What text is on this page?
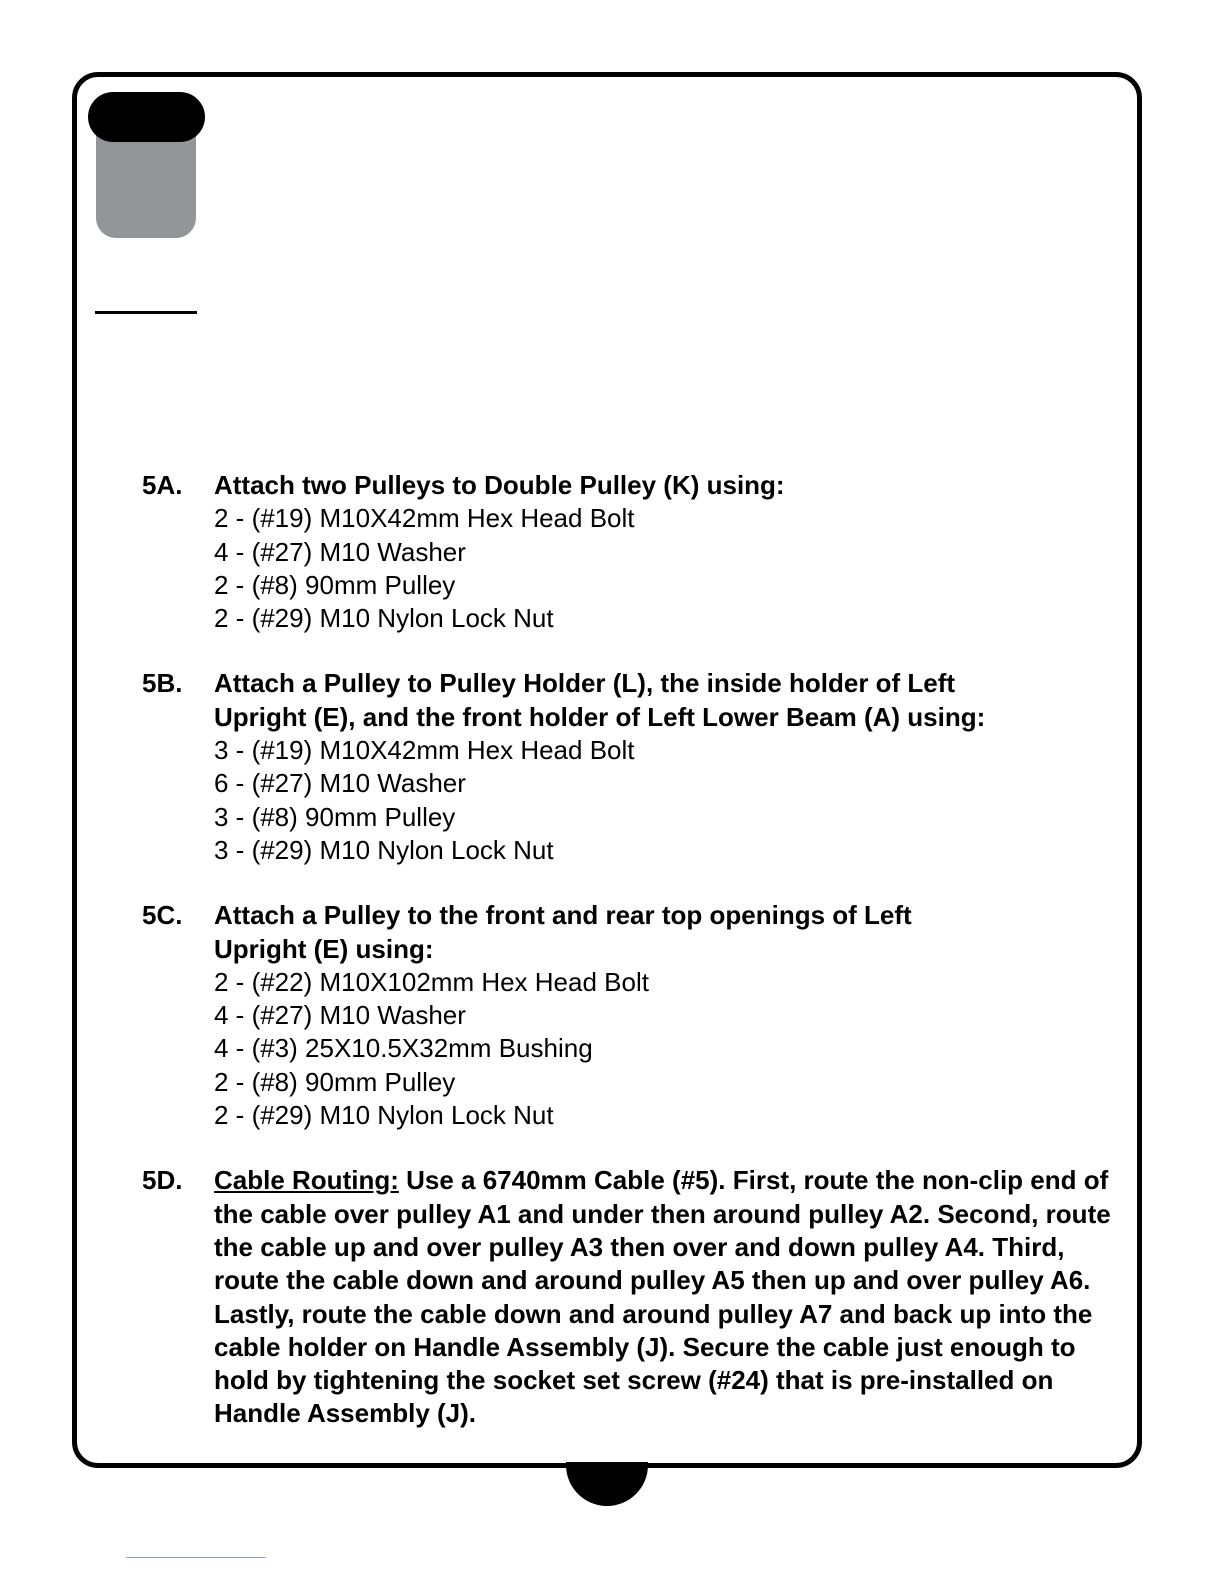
5A. Attach two Pulleys to Double Pulley (K) using:
2 - (#19) M10X42mm Hex Head Bolt
4 - (#27) M10 Washer
2 - (#8) 90mm Pulley
2 - (#29) M10 Nylon Lock Nut
5B. Attach a Pulley to Pulley Holder (L), the inside holder of Left Upright (E), and the front holder of Left Lower Beam (A) using:
3 - (#19) M10X42mm Hex Head Bolt
6 - (#27) M10 Washer
3 - (#8) 90mm Pulley
3 - (#29) M10 Nylon Lock Nut
5C. Attach a Pulley to the front and rear top openings of Left Upright (E) using:
2 - (#22) M10X102mm Hex Head Bolt
4 - (#27) M10 Washer
4 - (#3) 25X10.5X32mm Bushing
2 - (#8) 90mm Pulley
2 - (#29) M10 Nylon Lock Nut
5D. Cable Routing: Use a 6740mm Cable (#5). First, route the non-clip end of the cable over pulley A1 and under then around pulley A2. Second, route the cable up and over pulley A3 then over and down pulley A4. Third, route the cable down and around pulley A5 then up and over pulley A6. Lastly, route the cable down and around pulley A7 and back up into the cable holder on Handle Assembly (J). Secure the cable just enough to hold by tightening the socket set screw (#24) that is pre-installed on Handle Assembly (J).
